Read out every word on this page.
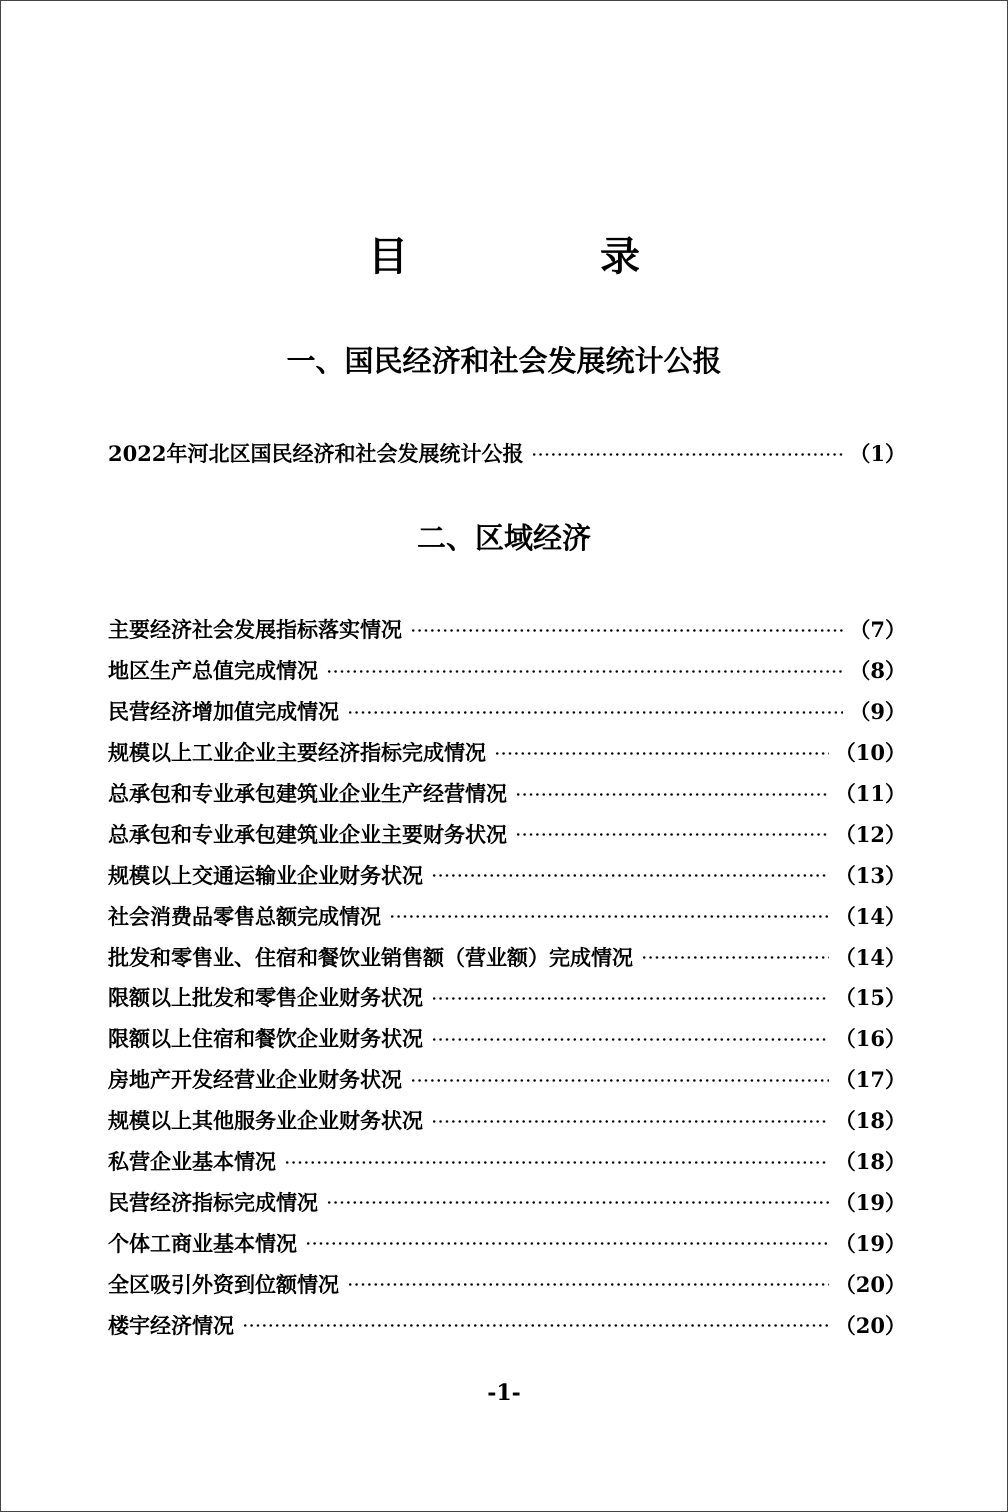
目　录
一、国民经济和社会发展统计公报
2022年河北区国民经济和社会发展统计公报	（1）
二、区域经济
主要经济社会发展指标落实情况	（7）
地区生产总值完成情况	（8）
民营经济增加值完成情况	（9）
规模以上工业企业主要经济指标完成情况	（10）
总承包和专业承包建筑业企业生产经营情况	（11）
总承包和专业承包建筑业企业主要财务状况	（12）
规模以上交通运输业企业财务状况	（13）
社会消费品零售总额完成情况	（14）
批发和零售业、住宿和餐饮业销售额（营业额）完成情况	（14）
限额以上批发和零售企业财务状况	（15）
限额以上住宿和餐饮企业财务状况	（16）
房地产开发经营业企业财务状况	（17）
规模以上其他服务业企业财务状况	（18）
私营企业基本情况	（18）
民营经济指标完成情况	（19）
个体工商业基本情况	（19）
全区吸引外资到位额情况	（20）
楼宇经济情况	（20）
-1-
